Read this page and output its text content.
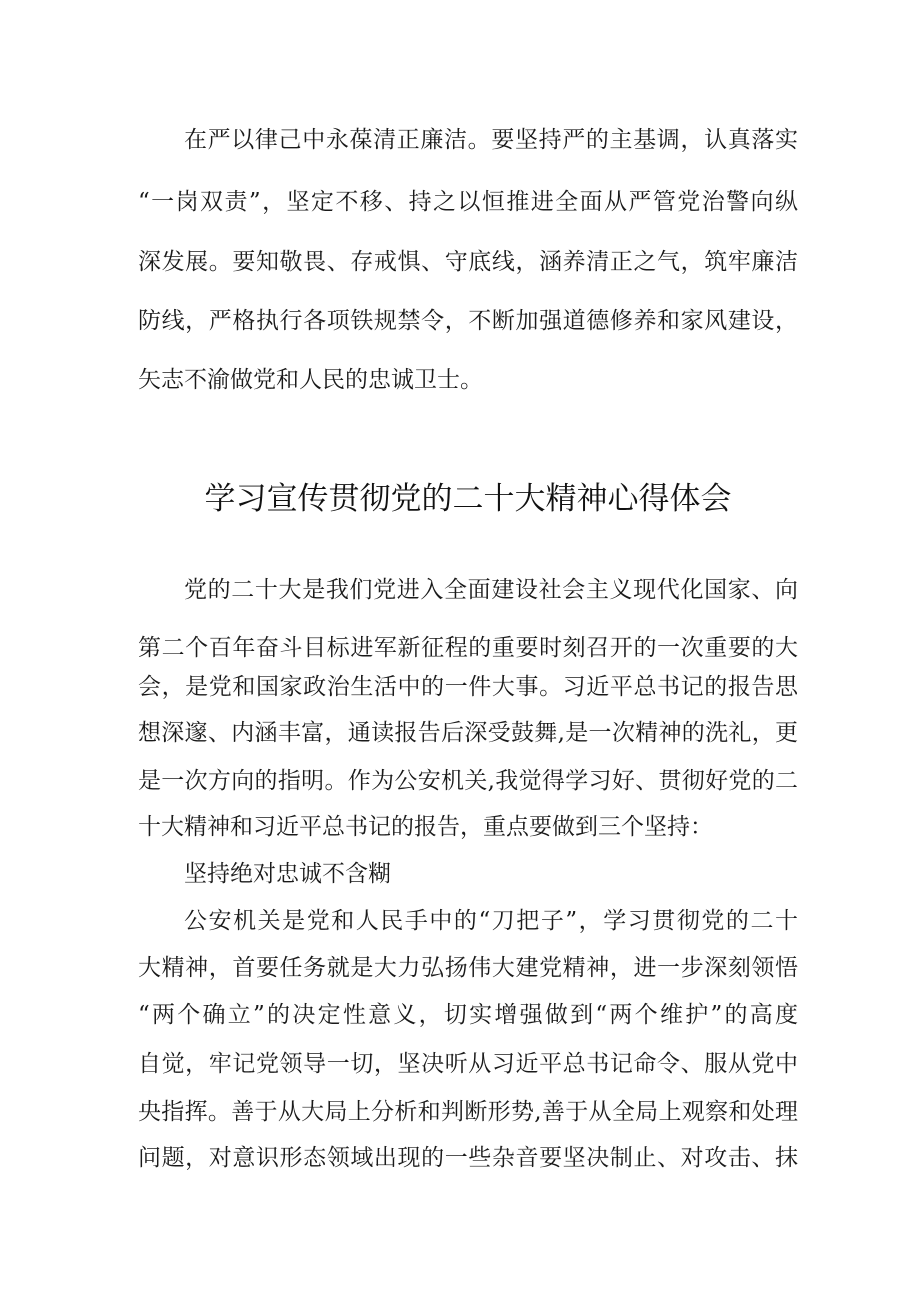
在严以律己中永葆清正廉洁。要坚持严的主基调，认真落实
“一岗双责”，坚定不移、持之以恒推进全面从严管党治警向纵
深发展。要知敬畏、存戒惧、守底线，涵养清正之气，筑牢廉洁
防线，严格执行各项铁规禁令，不断加强道德修养和家风建设，
矢志不渝做党和人民的忠诚卫士。
学习宣传贯彻党的二十大精神心得体会
党的二十大是我们党进入全面建设社会主义现代化国家、向
第二个百年奋斗目标进军新征程的重要时刻召开的一次重要的大
会，是党和国家政治生活中的一件大事。习近平总书记的报告思
想深邃、内涵丰富，通读报告后深受鼓舞,是一次精神的洗礼，更
是一次方向的指明。作为公安机关,我觉得学习好、贯彻好党的二
十大精神和习近平总书记的报告，重点要做到三个坚持：
坚持绝对忠诚不含糊
公安机关是党和人民手中的“刀把子”，学习贯彻党的二十
大精神，首要任务就是大力弘扬伟大建党精神，进一步深刻领悟
“两个确立”的决定性意义，切实增强做到“两个维护”的高度
自觉，牢记党领导一切，坚决听从习近平总书记命令、服从党中
央指挥。善于从大局上分析和判断形势,善于从全局上观察和处理
问题，对意识形态领域出现的一些杂音要坚决制止、对攻击、抹
